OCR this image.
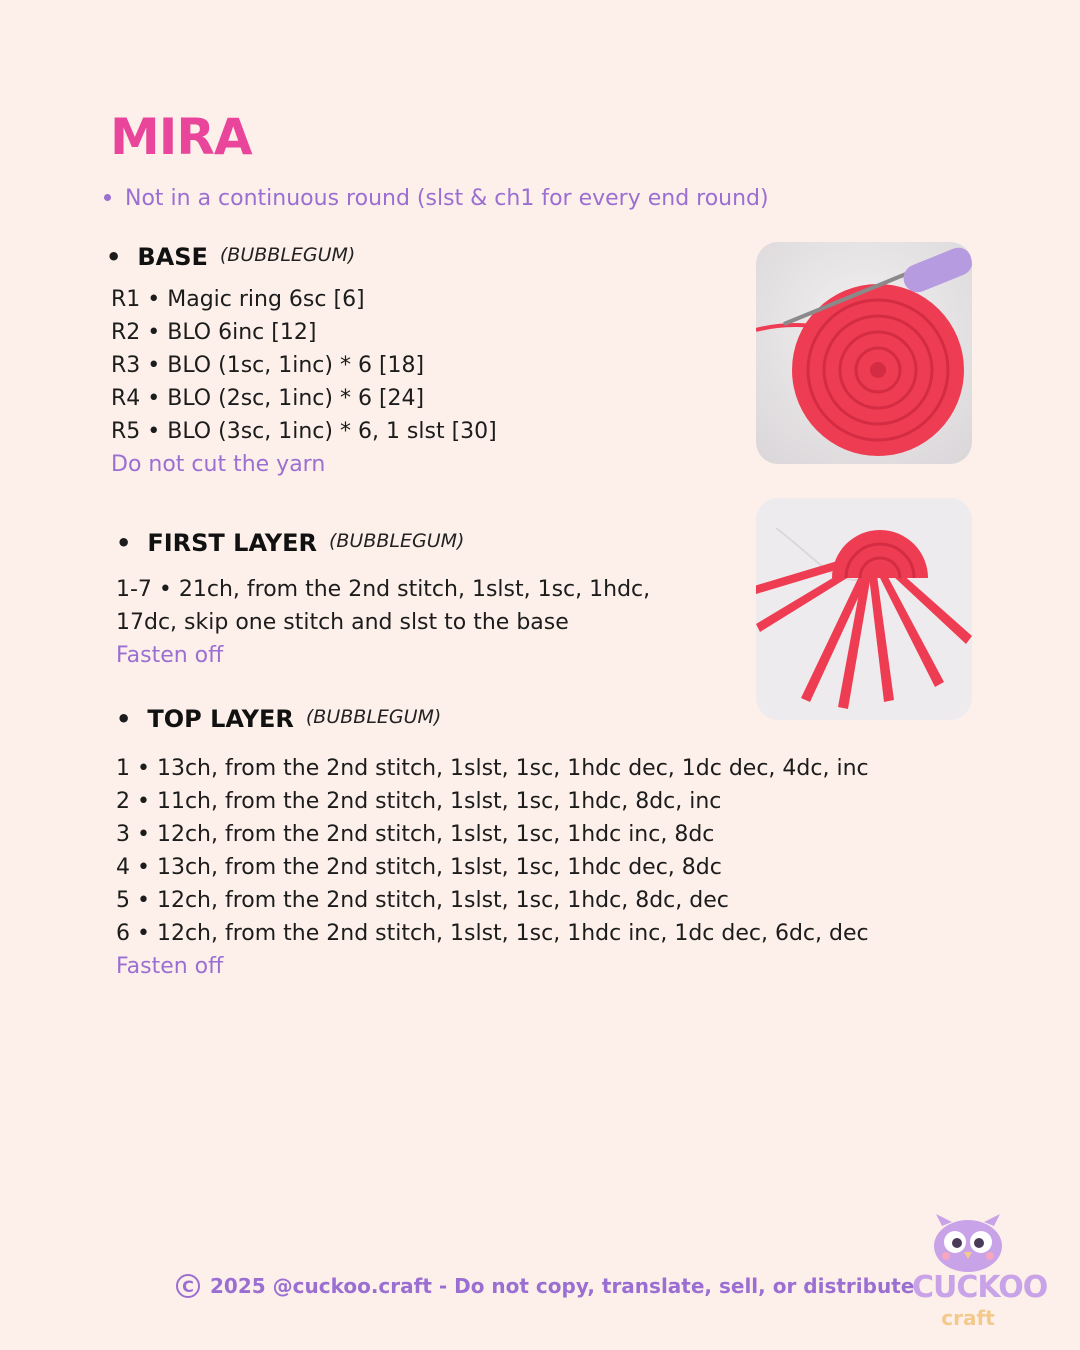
MIRA
Not in a continuous round (slst & ch1 for every end round)
• BASE (BUBBLEGUM)
R1 • Magic ring 6sc [6]
R2 • BLO 6inc [12]
R3 • BLO (1sc, 1inc) * 6 [18]
R4 • BLO (2sc, 1inc) * 6 [24]
R5 • BLO (3sc, 1inc) * 6, 1 slst [30]
Do not cut the yarn
• FIRST LAYER (BUBBLEGUM)
1-7 • 21ch, from the 2nd stitch, 1slst, 1sc, 1hdc,
17dc, skip one stitch and slst to the base
Fasten off
• TOP LAYER (BUBBLEGUM)
1 • 13ch, from the 2nd stitch, 1slst, 1sc, 1hdc dec, 1dc dec, 4dc, inc
2 • 11ch, from the 2nd stitch, 1slst, 1sc, 1hdc, 8dc, inc
3 • 12ch, from the 2nd stitch, 1slst, 1sc, 1hdc inc, 8dc
4 • 13ch, from the 2nd stitch, 1slst, 1sc, 1hdc dec, 8dc
5 • 12ch, from the 2nd stitch, 1slst, 1sc, 1hdc, 8dc, dec
6 • 12ch, from the 2nd stitch, 1slst, 1sc, 1hdc inc, 1dc dec, 6dc, dec
Fasten off
C 2025 @cuckoo.craft - Do not copy, translate, sell, or distribute.
CUCKOO
craft
